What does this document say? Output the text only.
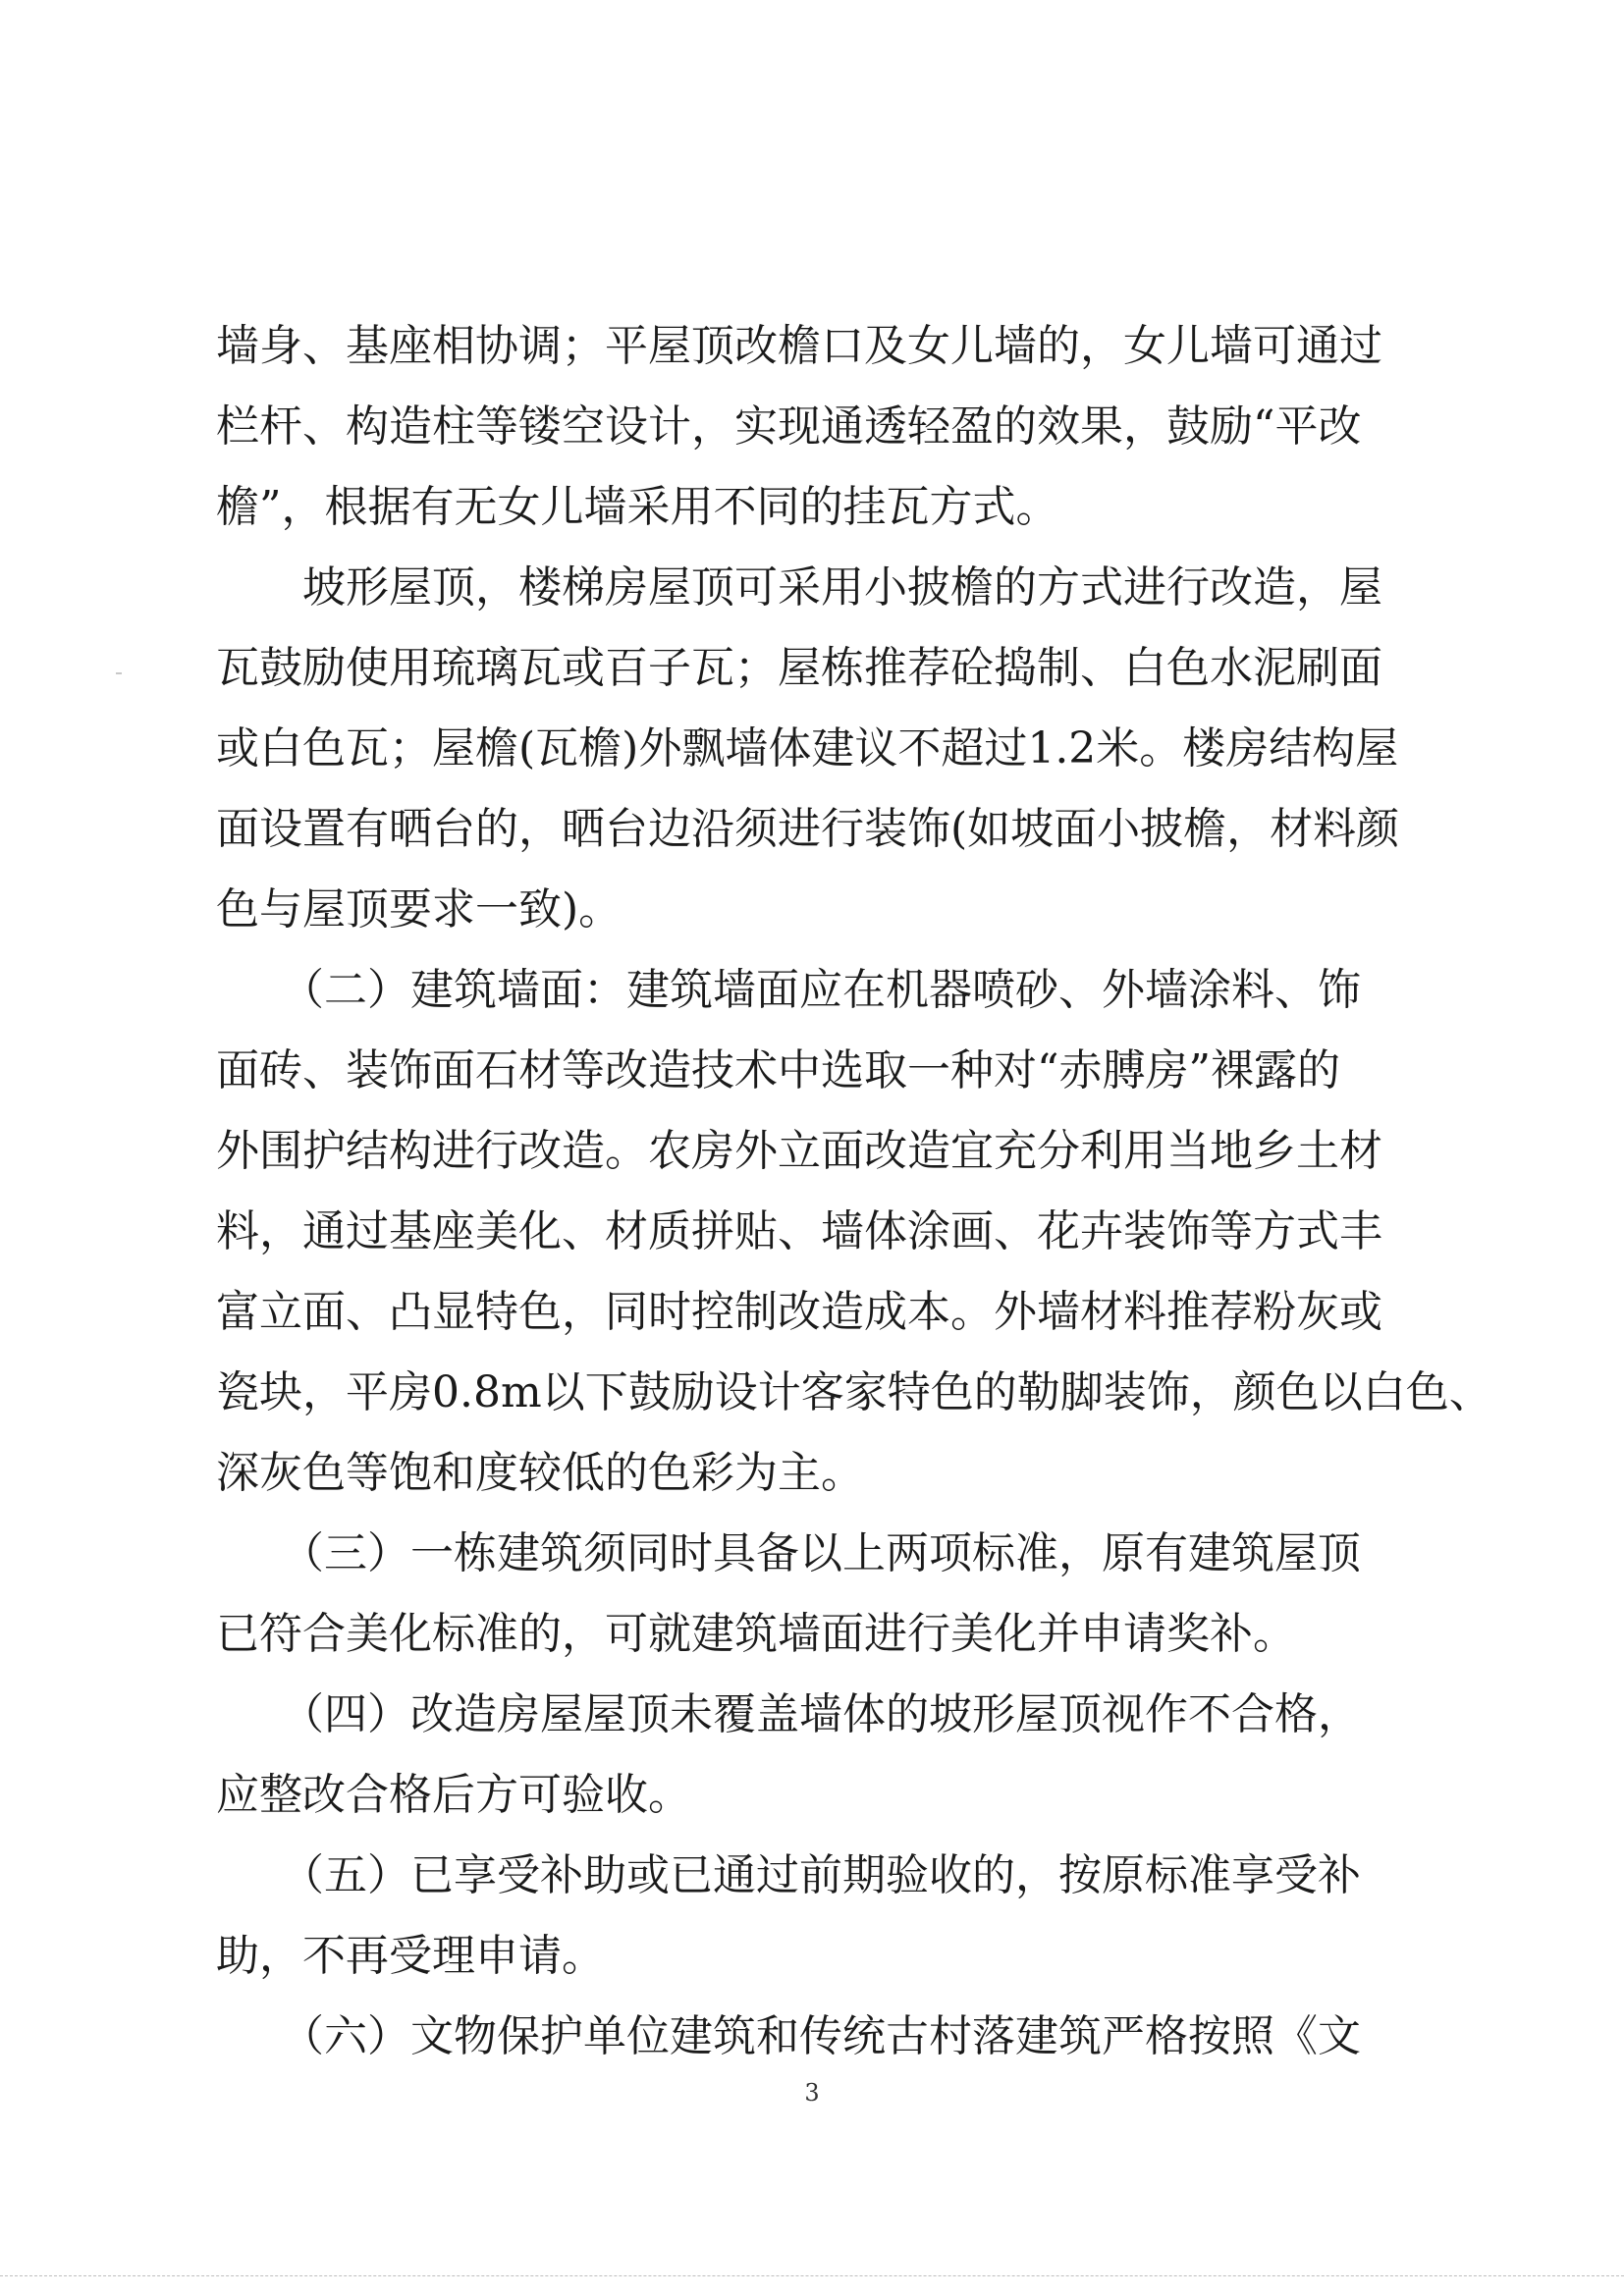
墙身、基座相协调；平屋顶改檐口及女儿墙的，女儿墙可通过
栏杆、构造柱等镂空设计，实现通透轻盈的效果，鼓励“平改
檐”，根据有无女儿墙采用不同的挂瓦方式。
　　坡形屋顶，楼梯房屋顶可采用小披檐的方式进行改造，屋
瓦鼓励使用琉璃瓦或百子瓦；屋栋推荐砼捣制、白色水泥刷面
或白色瓦；屋檐(瓦檐)外飘墙体建议不超过1.2米。楼房结构屋
面设置有晒台的，晒台边沿须进行装饰(如坡面小披檐，材料颜
色与屋顶要求一致)。
　　（二）建筑墙面：建筑墙面应在机器喷砂、外墙涂料、饰
面砖、装饰面石材等改造技术中选取一种对“赤膊房”裸露的
外围护结构进行改造。农房外立面改造宜充分利用当地乡土材
料，通过基座美化、材质拼贴、墙体涂画、花卉装饰等方式丰
富立面、凸显特色，同时控制改造成本。外墙材料推荐粉灰或
瓷块，平房0.8m以下鼓励设计客家特色的勒脚装饰，颜色以白色、
深灰色等饱和度较低的色彩为主。
　　（三）一栋建筑须同时具备以上两项标准，原有建筑屋顶
已符合美化标准的，可就建筑墙面进行美化并申请奖补。
　　（四）改造房屋屋顶未覆盖墙体的坡形屋顶视作不合格，
应整改合格后方可验收。
　　（五）已享受补助或已通过前期验收的，按原标准享受补
助，不再受理申请。
　　（六）文物保护单位建筑和传统古村落建筑严格按照《文
3
